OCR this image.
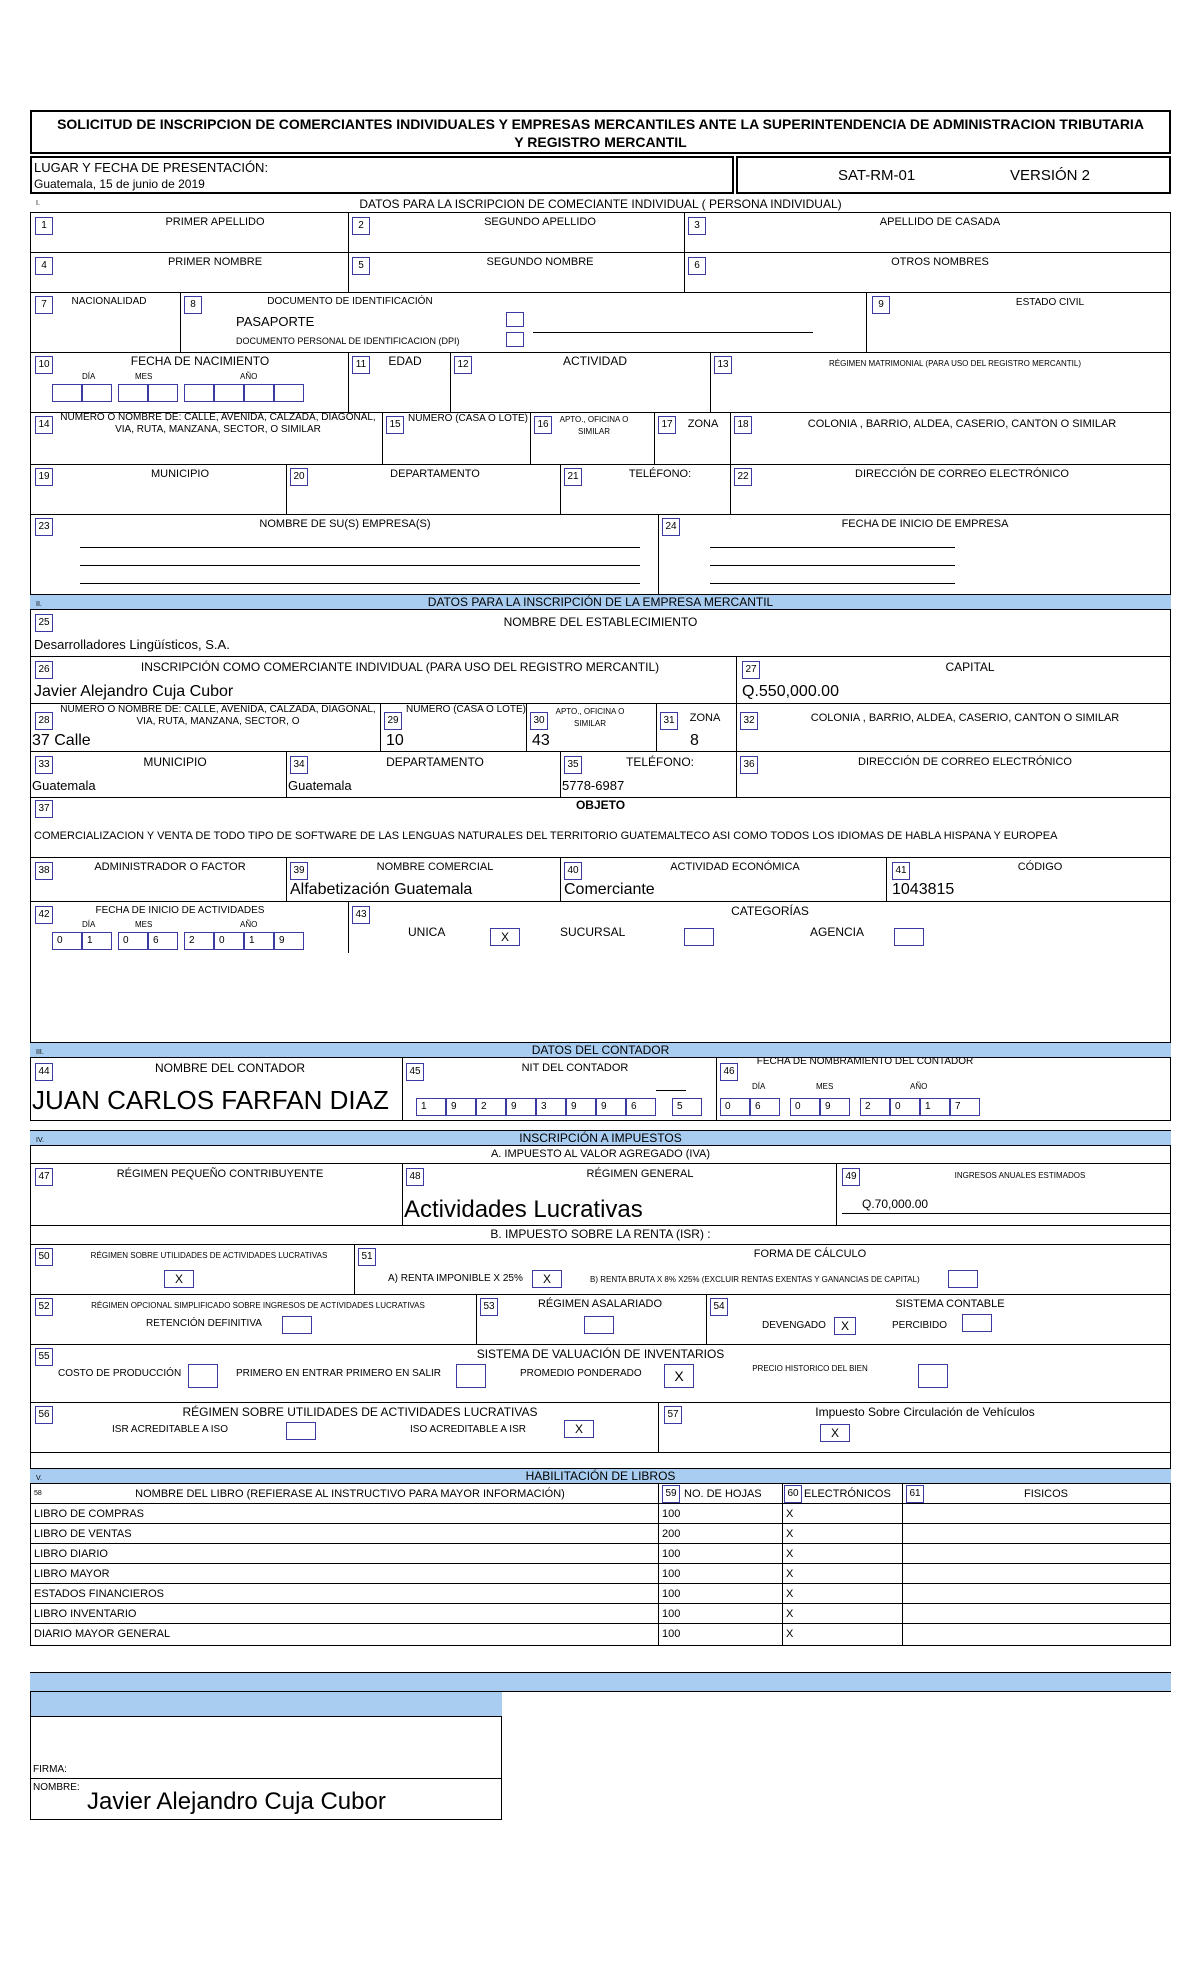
SOLICITUD DE INSCRIPCION DE COMERCIANTES INDIVIDUALES Y EMPRESAS MERCANTILES ANTE LA SUPERINTENDENCIA DE ADMINISTRACION TRIBUTARIA Y REGISTRO MERCANTIL
LUGAR Y FECHA DE PRESENTACIÓN:
Guatemala, 15 de junio de 2019	SAT-RM-01	VERSIÓN 2
I.	DATOS PARA LA ISCRIPCION DE COMECIANTE INDIVIDUAL ( PERSONA INDIVIDUAL)
1	PRIMER APELLIDO	2	SEGUNDO APELLIDO	3	APELLIDO DE CASADA
4	PRIMER NOMBRE	5	SEGUNDO NOMBRE	6	OTROS NOMBRES
7	NACIONALIDAD	8	DOCUMENTO DE IDENTIFICACIÓN
PASAPORTE
DOCUMENTO PERSONAL DE IDENTIFICACION (DPI)
9	ESTADO CIVIL
10	FECHA DE NACIMIENTO
DÍA	MES	AÑO
11	EDAD	12	ACTIVIDAD	13	RÉGIMEN MATRIMONIAL (PARA USO DEL REGISTRO MERCANTIL)
14
NUMERO O NOMBRE DE: CALLE, AVENIDA, CALZADA, DIAGONAL, VIA, RUTA, MANZANA, SECTOR, O SIMILAR	15
NUMERO (CASA O LOTE)
16	APTO., OFICINA O SIMILAR
17	ZONA	18	COLONIA , BARRIO, ALDEA, CASERIO, CANTON O SIMILAR
19	MUNICIPIO	20	DEPARTAMENTO	21	TELÉFONO:	22	DIRECCIÓN DE CORREO ELECTRÓNICO
23	NOMBRE DE SU(S) EMPRESA(S)	24	FECHA DE INICIO DE EMPRESA
II.	DATOS PARA LA INSCRIPCIÓN DE LA EMPRESA MERCANTIL
25	NOMBRE DEL ESTABLECIMIENTO
Desarrolladores Lingüísticos, S.A.
26	INSCRIPCIÓN COMO COMERCIANTE INDIVIDUAL (PARA USO DEL REGISTRO MERCANTIL)
Javier Alejandro Cuja Cubor
27	CAPITAL
Q.550,000.00
28
NUMERO O NOMBRE DE: CALLE, AVENIDA, CALZADA, DIAGONAL, VIA, RUTA, MANZANA, SECTOR, O
37 Calle
29
NUMERO (CASA O LOTE)
10
30
APTO., OFICINA O SIMILAR
43
31	ZONA
8
32	COLONIA , BARRIO, ALDEA, CASERIO, CANTON O SIMILAR
33	MUNICIPIO
Guatemala
34	DEPARTAMENTO
Guatemala
35	TELÉFONO:
5778-6987
36	DIRECCIÓN DE CORREO ELECTRÓNICO
37	OBJETO
COMERCIALIZACION Y VENTA DE TODO TIPO DE SOFTWARE DE LAS LENGUAS NATURALES DEL TERRITORIO GUATEMALTECO ASI COMO TODOS LOS IDIOMAS DE HABLA HISPANA Y EUROPEA
38	ADMINISTRADOR O FACTOR	39	NOMBRE COMERCIAL
Alfabetización Guatemala
40	ACTIVIDAD ECONÓMICA
Comerciante
41	CÓDIGO
1043815
42	FECHA DE INICIO DE ACTIVIDADES
DÍA	MES	AÑO
0	1	0	6	2	0	1	9
43	CATEGORÍAS
UNICA	X	SUCURSAL	AGENCIA
III.	DATOS DEL CONTADOR
44	NOMBRE DEL CONTADOR
JUAN CARLOS FARFAN DIAZ
45	NIT DEL CONTADOR
1	9	2	9	3	9	9	6	5
46
FECHA DE NOMBRAMIENTO DEL CONTADOR
DÍA	MES	AÑO
0	6	0	9	2	0	1	7
IV.	INSCRIPCIÓN A IMPUESTOS
A. IMPUESTO AL VALOR AGREGADO (IVA)
47	RÉGIMEN PEQUEÑO CONTRIBUYENTE	48	RÉGIMEN GENERAL
Actividades Lucrativas
49	INGRESOS ANUALES ESTIMADOS
Q.70,000.00
B. IMPUESTO SOBRE LA RENTA (ISR) :
50	RÉGIMEN SOBRE UTILIDADES DE ACTIVIDADES LUCRATIVAS
X
51	FORMA DE CÁLCULO
A) RENTA IMPONIBLE X 25%	X	B) RENTA BRUTA X 8% X25% (EXCLUIR RENTAS EXENTAS Y GANANCIAS DE CAPITAL)
52	RÉGIMEN OPCIONAL SIMPLIFICADO SOBRE INGRESOS DE ACTIVIDADES LUCRATIVAS
RETENCIÓN DEFINITIVA
53	RÉGIMEN ASALARIADO	54	SISTEMA CONTABLE
DEVENGADO	X	PERCIBIDO
55	SISTEMA DE VALUACIÓN DE INVENTARIOS
COSTO DE PRODUCCIÓN	PRIMERO EN ENTRAR PRIMERO EN SALIR	PROMEDIO PONDERADO	X	PRECIO HISTORICO DEL BIEN
56	RÉGIMEN SOBRE UTILIDADES DE ACTIVIDADES LUCRATIVAS
ISR ACREDITABLE A ISO	ISO ACREDITABLE A ISR	X
57	Impuesto Sobre Circulación de Vehículos
X
V.	HABILITACIÓN DE LIBROS
58	NOMBRE DEL LIBRO (REFIERASE AL INSTRUCTIVO PARA MAYOR INFORMACIÓN)	59 NO. DE HOJAS	60 ELECTRÓNICOS	61	FISICOS
LIBRO DE COMPRAS	100	X
LIBRO DE VENTAS	200	X
LIBRO DIARIO	100	X
LIBRO MAYOR	100	X
ESTADOS FINANCIEROS	100	X
LIBRO INVENTARIO	100	X
DIARIO MAYOR GENERAL	100	X
FIRMA:
NOMBRE:
Javier Alejandro Cuja Cubor
